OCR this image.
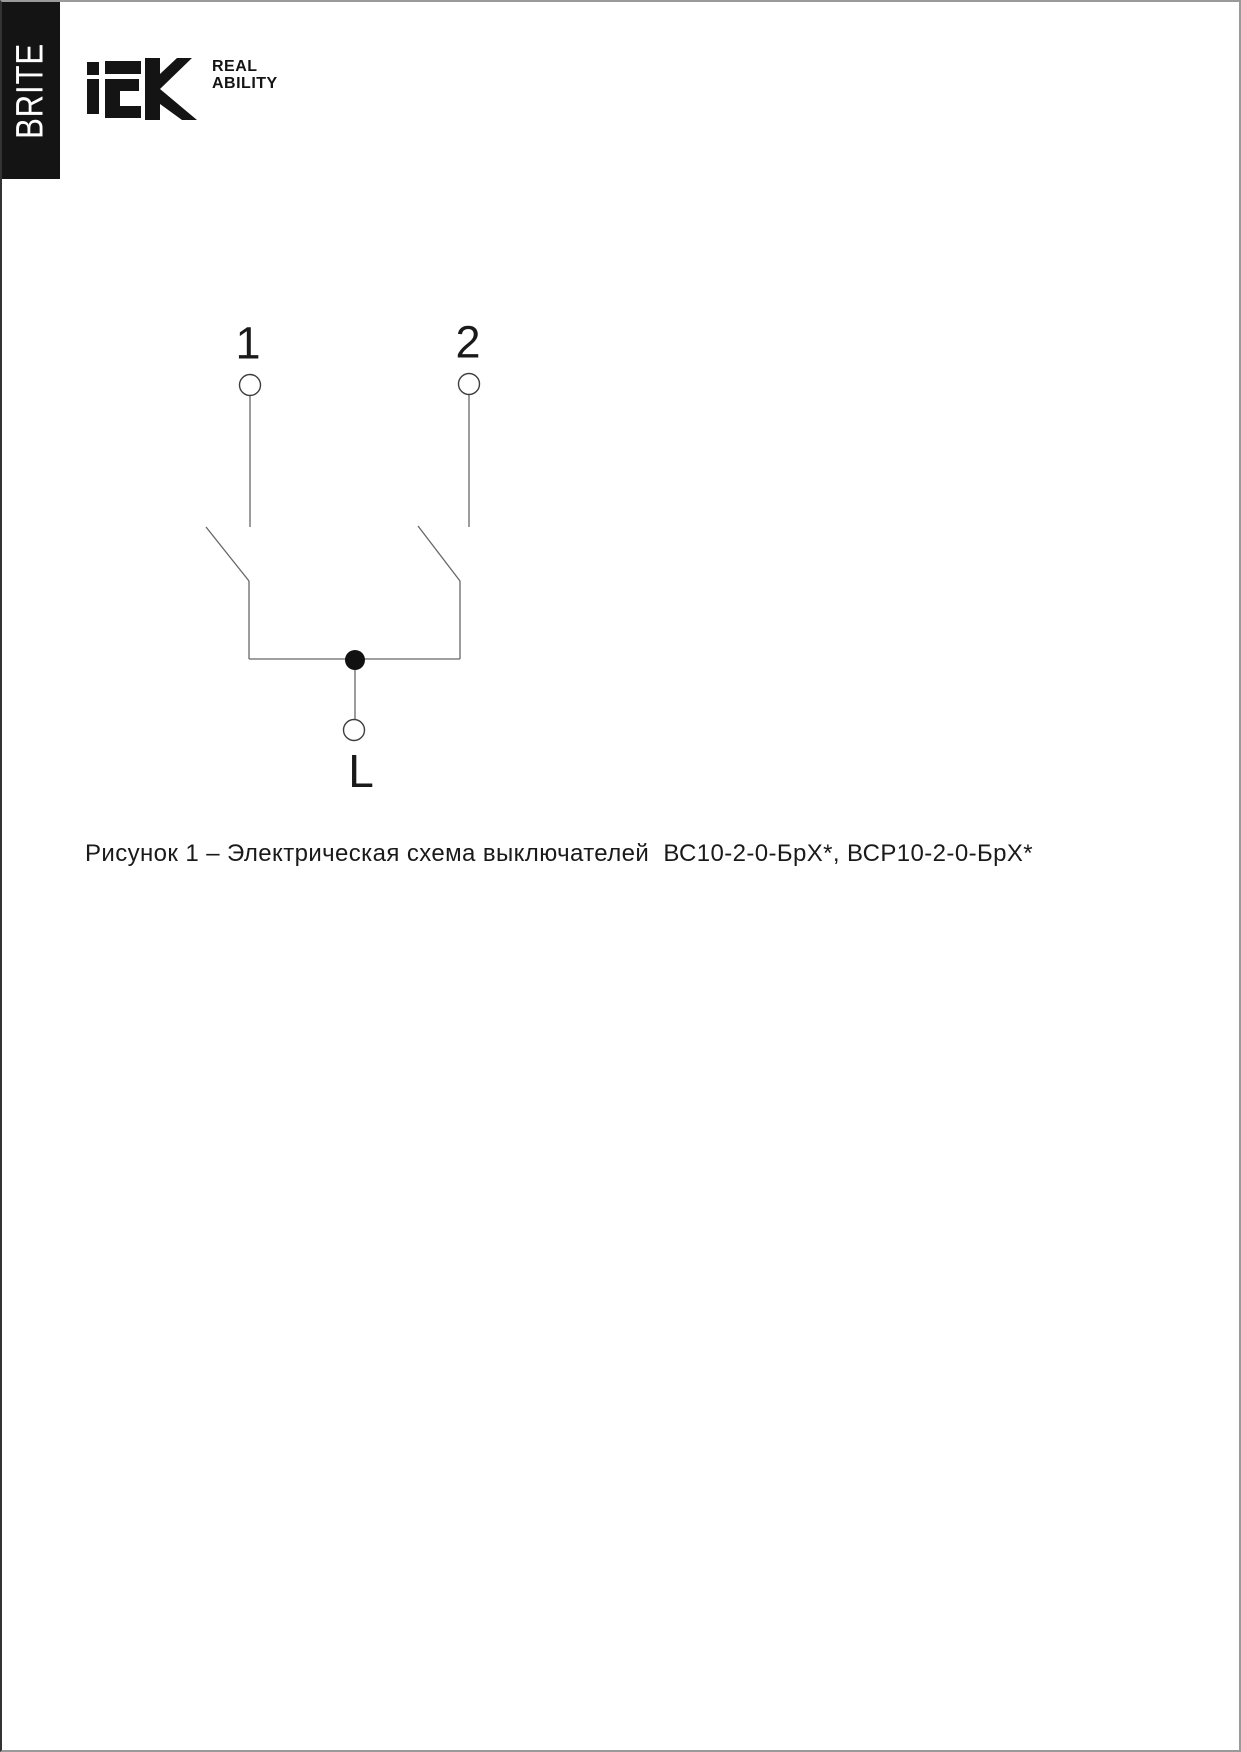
BRITE	REAL
ABILITY
1	2
L
Рисунок 1 – Электрическая схема выключателей  ВС10-2-0-БрХ*, ВСР10-2-0-БрХ*
